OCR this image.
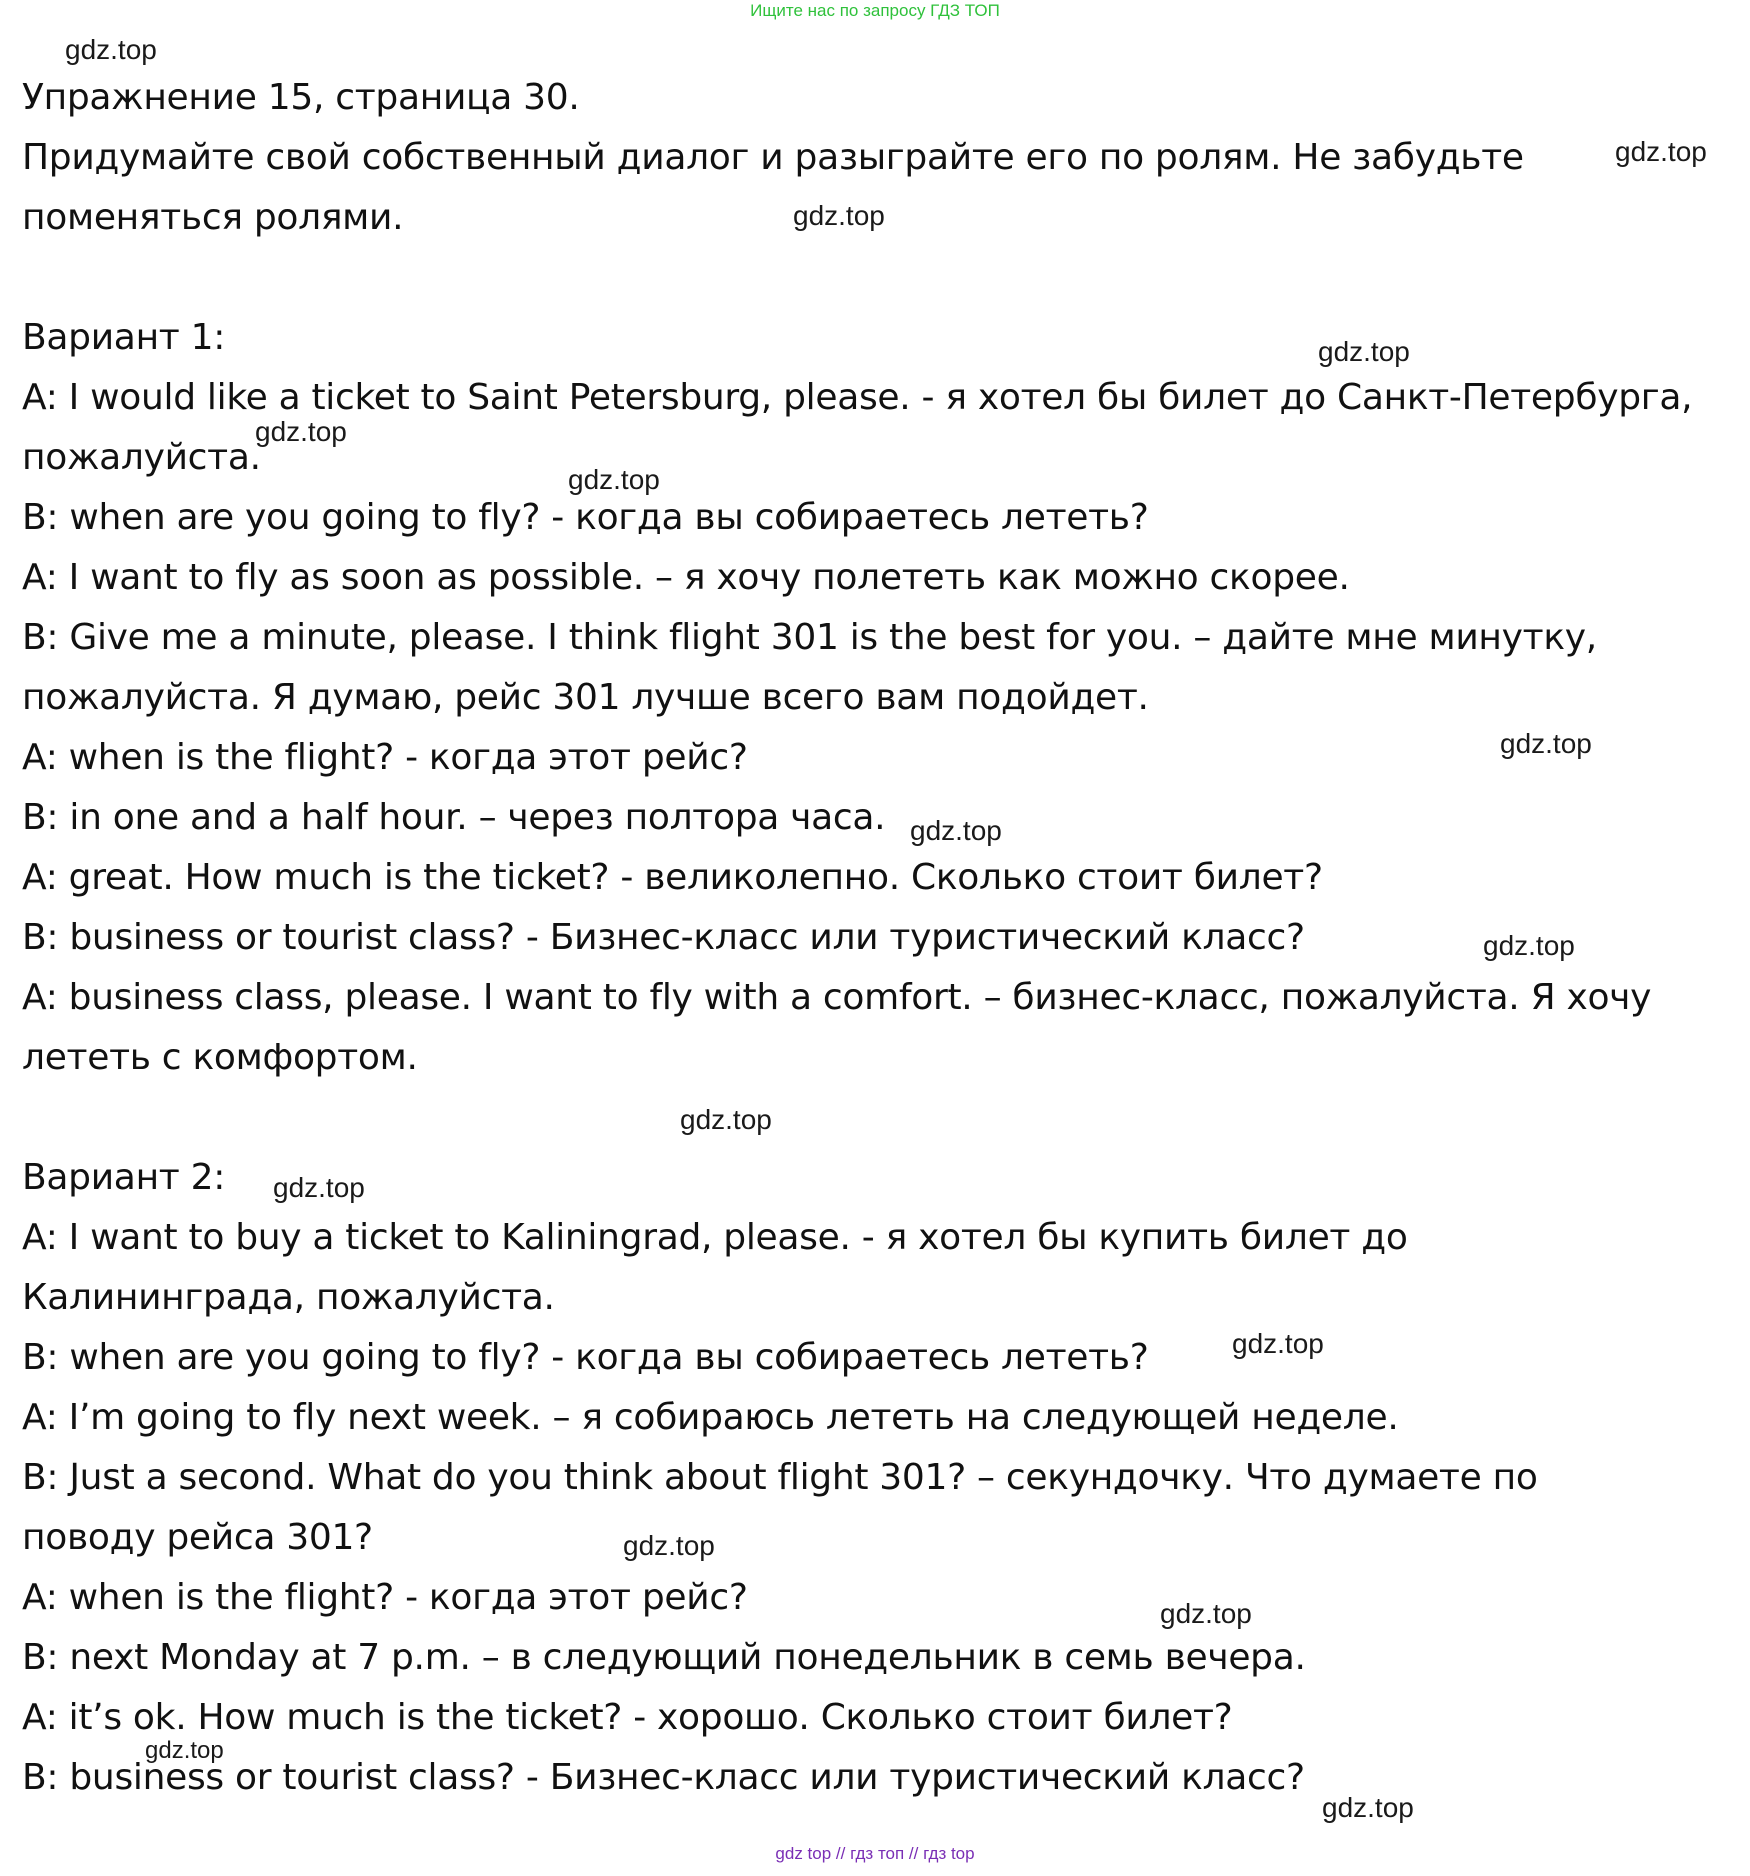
Ищите нас по запросу ГДЗ ТОП
Упражнение 15, страница 30.
Придумайте свой собственный диалог и разыграйте его по ролям. Не забудьте
поменяться ролями.
Вариант 1:
A: I would like a ticket to Saint Petersburg, please. - я хотел бы билет до Санкт-Петербурга,
пожалуйста.
B: when are you going to fly? - когда вы собираетесь лететь?
A: I want to fly as soon as possible. – я хочу полететь как можно скорее.
B: Give me a minute, please. I think flight 301 is the best for you. – дайте мне минутку,
пожалуйста. Я думаю, рейс 301 лучше всего вам подойдет.
A: when is the flight? - когда этот рейс?
B: in one and a half hour. – через полтора часа.
A: great. How much is the ticket? - великолепно. Сколько стоит билет?
B: business or tourist class? - Бизнес-класс или туристический класс?
A: business class, please. I want to fly with a comfort. – бизнес-класс, пожалуйста. Я хочу
лететь с комфортом.
Вариант 2:
A: I want to buy a ticket to Kaliningrad, please. - я хотел бы купить билет до
Калининграда, пожалуйста.
B: when are you going to fly? - когда вы собираетесь лететь?
A: I’m going to fly next week. – я собираюсь лететь на следующей неделе.
B: Just a second. What do you think about flight 301? – секундочку. Что думаете по
поводу рейса 301?
A: when is the flight? - когда этот рейс?
B: next Monday at 7 p.m. – в следующий понедельник в семь вечера.
A: it’s ok. How much is the ticket? - хорошо. Сколько стоит билет?
B: business or tourist class? - Бизнес-класс или туристический класс?
gdz.top
gdz.top
gdz.top
gdz.top
gdz.top
gdz.top
gdz.top
gdz.top
gdz.top
gdz.top
gdz.top
gdz.top
gdz.top
gdz.top
gdz.top
gdz.top
gdz top // гдз топ // гдз top
